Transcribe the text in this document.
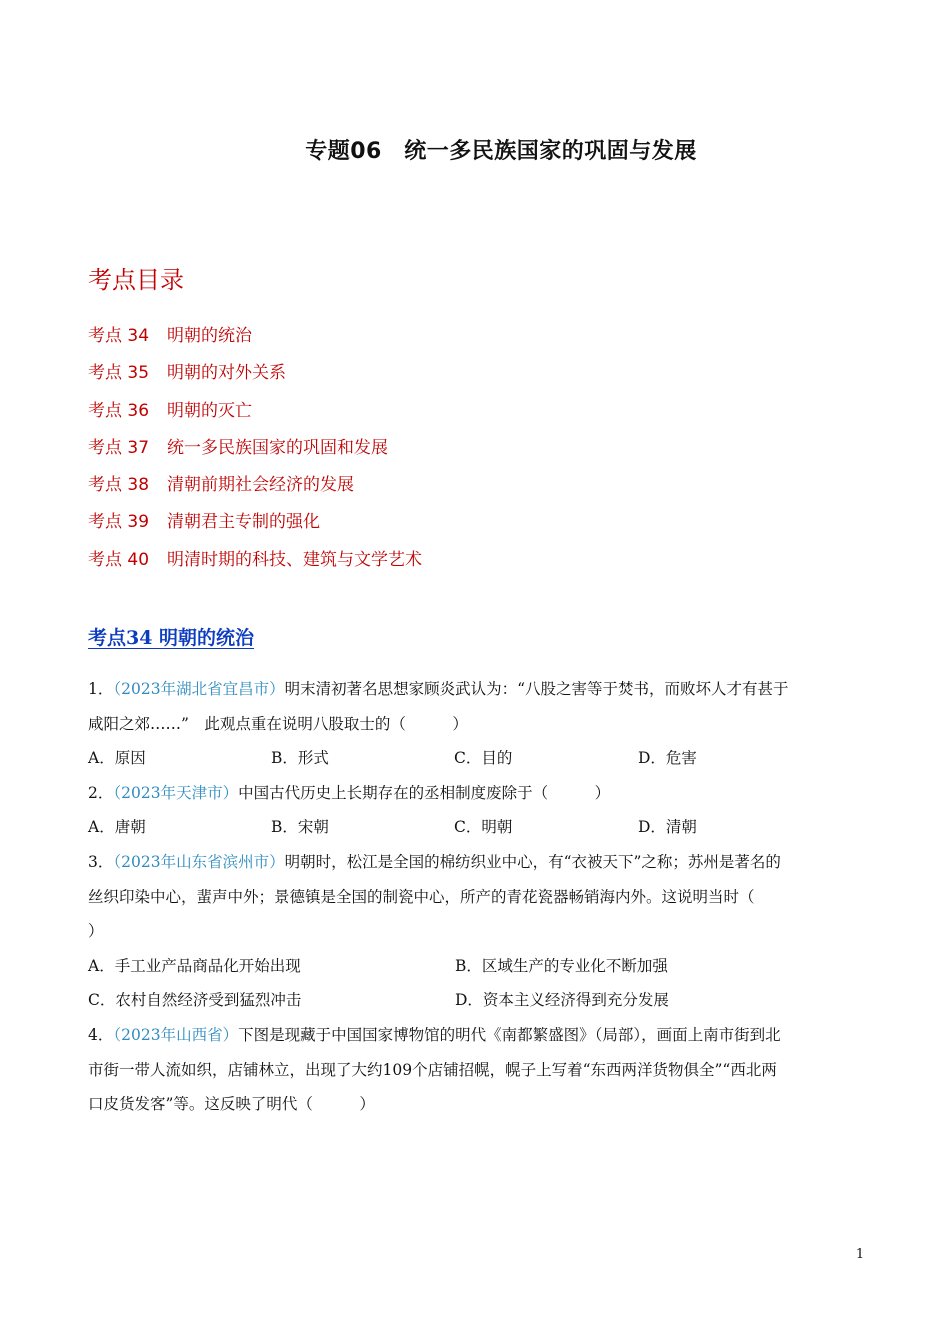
专题06　统一多民族国家的巩固与发展
考点目录
考点 34 明朝的统治
考点 35 明朝的对外关系
考点 36 明朝的灭亡
考点 37 统一多民族国家的巩固和发展
考点 38 清朝前期社会经济的发展
考点 39 清朝君主专制的强化
考点 40 明清时期的科技、建筑与文学艺术
考点34 明朝的统治
1．（2023年湖北省宜昌市）明末清初著名思想家顾炎武认为：“八股之害等于焚书，而败坏人才有甚于
咸阳之郊……”　此观点重在说明八股取士的（　　　）
A．原因	B．形式	C．目的	D．危害
2．（2023年天津市）中国古代历史上长期存在的丞相制度废除于（　　　）
A．唐朝	B．宋朝	C．明朝	D．清朝
3．（2023年山东省滨州市）明朝时，松江是全国的棉纺织业中心，有“衣被天下”之称；苏州是著名的
丝织印染中心，蜚声中外；景德镇是全国的制瓷中心，所产的青花瓷器畅销海内外。这说明当时（
）
A．手工业产品商品化开始出现	B．区域生产的专业化不断加强
C．农村自然经济受到猛烈冲击	D．资本主义经济得到充分发展
4．（2023年山西省）下图是现藏于中国国家博物馆的明代《南都繁盛图》（局部），画面上南市街到北
市街一带人流如织，店铺林立，出现了大约109个店铺招幌，幌子上写着“东西两洋货物俱全”“西北两
口皮货发客”等。这反映了明代（　　　）
1
